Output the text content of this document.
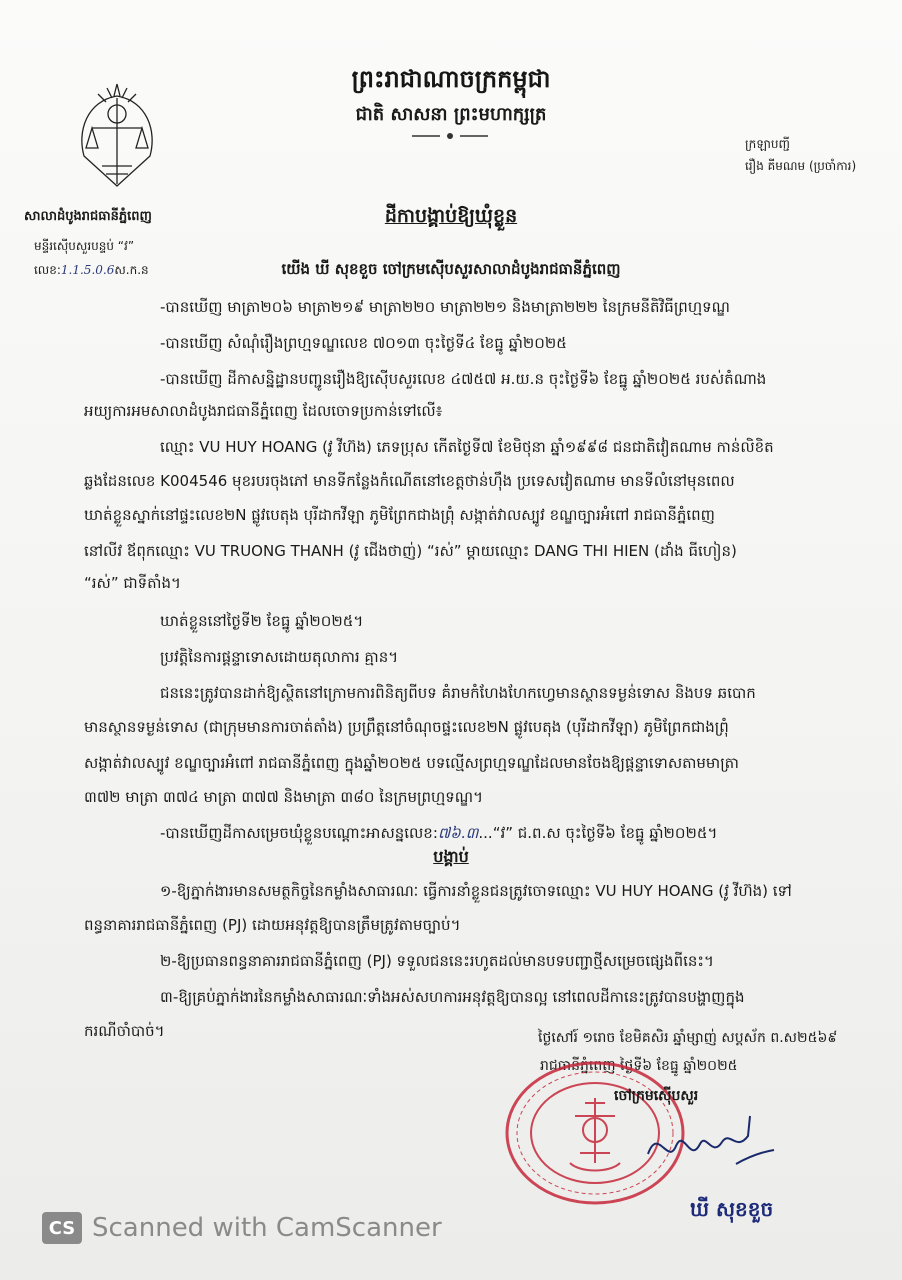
ព្រះរាជាណាចក្រកម្ពុជា
ជាតិ សាសនា ព្រះមហាក្សត្រ
សាលាដំបូងរាជធានីភ្នំពេញ
មន្ទីរស៊ើបសួរបន្ទប់ “វ”
លេខ:1.1.5.0.6ស.ក.ន
ក្រឡាបញ្ជី
រឿង គីមណម (ប្រចាំការ)
ដីកាបង្គាប់ឱ្យឃុំខ្លួន
យើង ឃី សុខខួច ចៅក្រមស៊ើបសួរសាលាដំបូងរាជធានីភ្នំពេញ
-បានឃើញ មាត្រា២០៦ មាត្រា២១៩ មាត្រា២២០ មាត្រា២២១ និងមាត្រា២២២ នៃក្រមនីតិវិធីព្រហ្មទណ្ឌ
-បានឃើញ សំណុំរឿងព្រហ្មទណ្ឌលេខ ៧០១៣ ចុះថ្ងៃទី៤ ខែធ្នូ ឆ្នាំ២០២៥
-បានឃើញ ដីកាសន្និដ្ឋានបញ្ជូនរឿងឱ្យស៊ើបសួរលេខ ៤៧៥៧ អ.យ.ន ចុះថ្ងៃទី៦ ខែធ្នូ ឆ្នាំ២០២៥ របស់តំណាង
អយ្យការអមសាលាដំបូងរាជធានីភ្នំពេញ ដែលចោទប្រកាន់ទៅលើ៖
ឈ្មោះ VU HUY HOANG (វូ វីហ៊ង) ភេទប្រុស កើតថ្ងៃទី៧ ខែមិថុនា ឆ្នាំ១៩៩៨ ជនជាតិវៀតណាម កាន់លិខិត
ឆ្លងដែនលេខ K004546 មុខរបរចុងភៅ មានទីកន្លែងកំណើតនៅខេត្តថាន់ហ៊ឹង ប្រទេសវៀតណាម មានទីលំនៅមុនពេល
ឃាត់ខ្លួនស្នាក់នៅផ្ទះលេខ២N ផ្លូវបេតុង បុរីដាកវីឡា ភូមិព្រែកជាងព្រុំ សង្កាត់វាលស្បូវ ខណ្ឌច្បារអំពៅ រាជធានីភ្នំពេញ
នៅលីវ ឪពុកឈ្មោះ VU TRUONG THANH (វូ ជើងថាញ់) “រស់” ម្ដាយឈ្មោះ DANG THI HIEN (ដាំង ធីហៀន)
“រស់” ជាទីតាំង។
ឃាត់ខ្លួននៅថ្ងៃទី២ ខែធ្នូ ឆ្នាំ២០២៥។
ប្រវត្តិនៃការផ្ដន្ទាទោសដោយតុលាការ គ្មាន។
ជននេះត្រូវបានដាក់ឱ្យស្ថិតនៅក្រោមការពិនិត្យពីបទ គំរាមកំហែងហែកហ្វេមានស្ថានទម្ងន់ទោស និងបទ ឆបោក
មានស្ថានទម្ងន់ទោស (ជាក្រុមមានការចាត់តាំង) ប្រព្រឹត្តនៅចំណុចផ្ទះលេខ២N ផ្លូវបេតុង (បុរីដាកវីឡា) ភូមិព្រែកជាងព្រុំ
សង្កាត់វាលស្បូវ ខណ្ឌច្បារអំពៅ រាជធានីភ្នំពេញ ក្នុងឆ្នាំ២០២៥ បទល្មើសព្រហ្មទណ្ឌដែលមានចែងឱ្យផ្ដន្ទាទោសតាមមាត្រា
៣៧២ មាត្រា ៣៧៤ មាត្រា ៣៧៧ និងមាត្រា ៣៨០ នៃក្រមព្រហ្មទណ្ឌ។
-បានឃើញដីកាសម្រេចឃុំខ្លួនបណ្ដោះអាសន្នលេខ:៧៦.៣...“វ” ជ.ព.ស ចុះថ្ងៃទី៦ ខែធ្នូ ឆ្នាំ២០២៥។
បង្គាប់
១-ឱ្យភ្នាក់ងារមានសមត្ថកិច្ចនៃកម្លាំងសាធារណៈ ធ្វើការនាំខ្លួនជនត្រូវចោទឈ្មោះ VU HUY HOANG (វូ វីហ៊ង) ទៅ
ពន្ធនាគាររាជធានីភ្នំពេញ (PJ) ដោយអនុវត្តឱ្យបានត្រឹមត្រូវតាមច្បាប់។
២-ឱ្យប្រធានពន្ធនាគាររាជធានីភ្នំពេញ (PJ) ទទួលជននេះរហូតដល់មានបទបញ្ជាថ្មីសម្រេចផ្សេងពីនេះ។
៣-ឱ្យគ្រប់ភ្នាក់ងារនៃកម្លាំងសាធារណៈទាំងអស់សហការអនុវត្តឱ្យបានល្អ នៅពេលដីកានេះត្រូវបានបង្ហាញក្នុង
ករណីចាំបាច់។	ថ្ងៃសៅរ៍ ១រោច ខែមិគសិរ ឆ្នាំម្សាញ់ សប្តស័ក ព.ស២៥៦៩
រាជធានីភ្នំពេញ ថ្ងៃទី៦ ខែធ្នូ ឆ្នាំ២០២៥
ចៅក្រមស៊ើបសួរ
ឃី សុខខួច
CS Scanned with CamScanner
